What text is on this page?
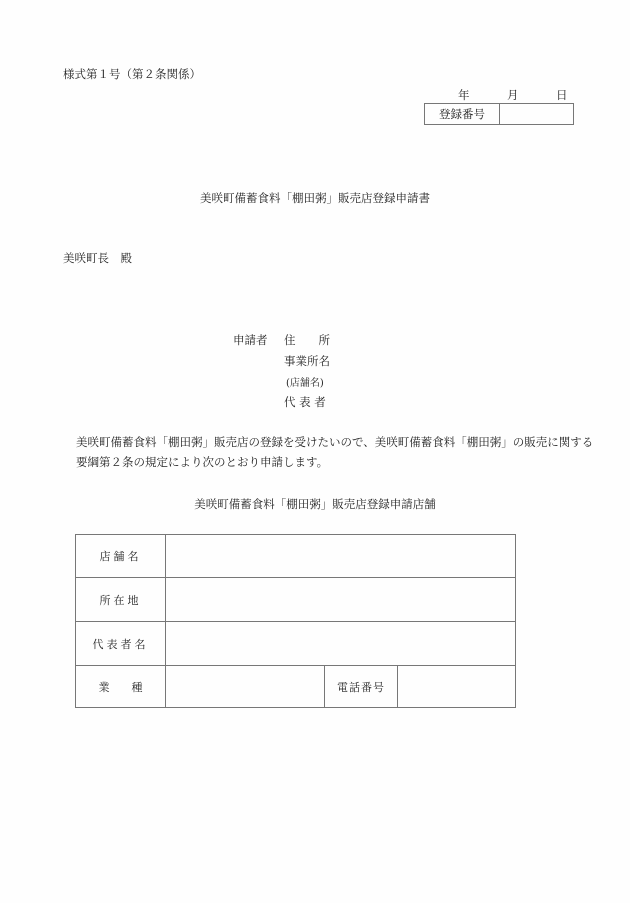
様式第１号（第２条関係）
年	月	日
登録番号
美咲町備蓄食料「棚田粥」販売店登録申請書
美咲町長　殿
申請者 住　　所
事業所名
(店舗名)
代 表 者
美咲町備蓄食料「棚田粥」販売店の登録を受けたいので、美咲町備蓄食料「棚田粥」の販売に関する要綱第２条の規定により次のとおり申請します。
美咲町備蓄食料「棚田粥」販売店登録申請店舗
店舗名			
所在地			
代表者名			
業　　種		電話番号	
